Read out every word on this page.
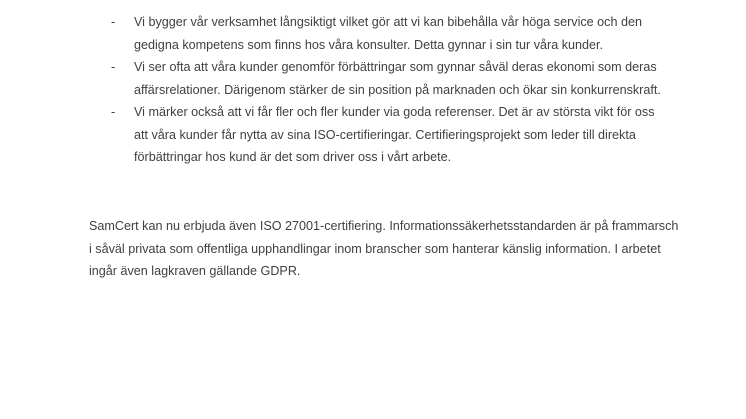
- Vi bygger vår verksamhet långsiktigt vilket gör att vi kan bibehålla vår höga service och den gedigna kompetens som finns hos våra konsulter. Detta gynnar i sin tur våra kunder.
- Vi ser ofta att våra kunder genomför förbättringar som gynnar såväl deras ekonomi som deras affärsrelationer. Därigenom stärker de sin position på marknaden och ökar sin konkurrenskraft.
- Vi märker också att vi får fler och fler kunder via goda referenser. Det är av största vikt för oss att våra kunder får nytta av sina ISO-certifieringar. Certifieringsprojekt som leder till direkta förbättringar hos kund är det som driver oss i vårt arbete.

SamCert kan nu erbjuda även ISO 27001-certifiering. Informationssäkerhetsstandarden är på frammarsch i såväl privata som offentliga upphandlingar inom branscher som hanterar känslig information. I arbetet ingår även lagkraven gällande GDPR.
